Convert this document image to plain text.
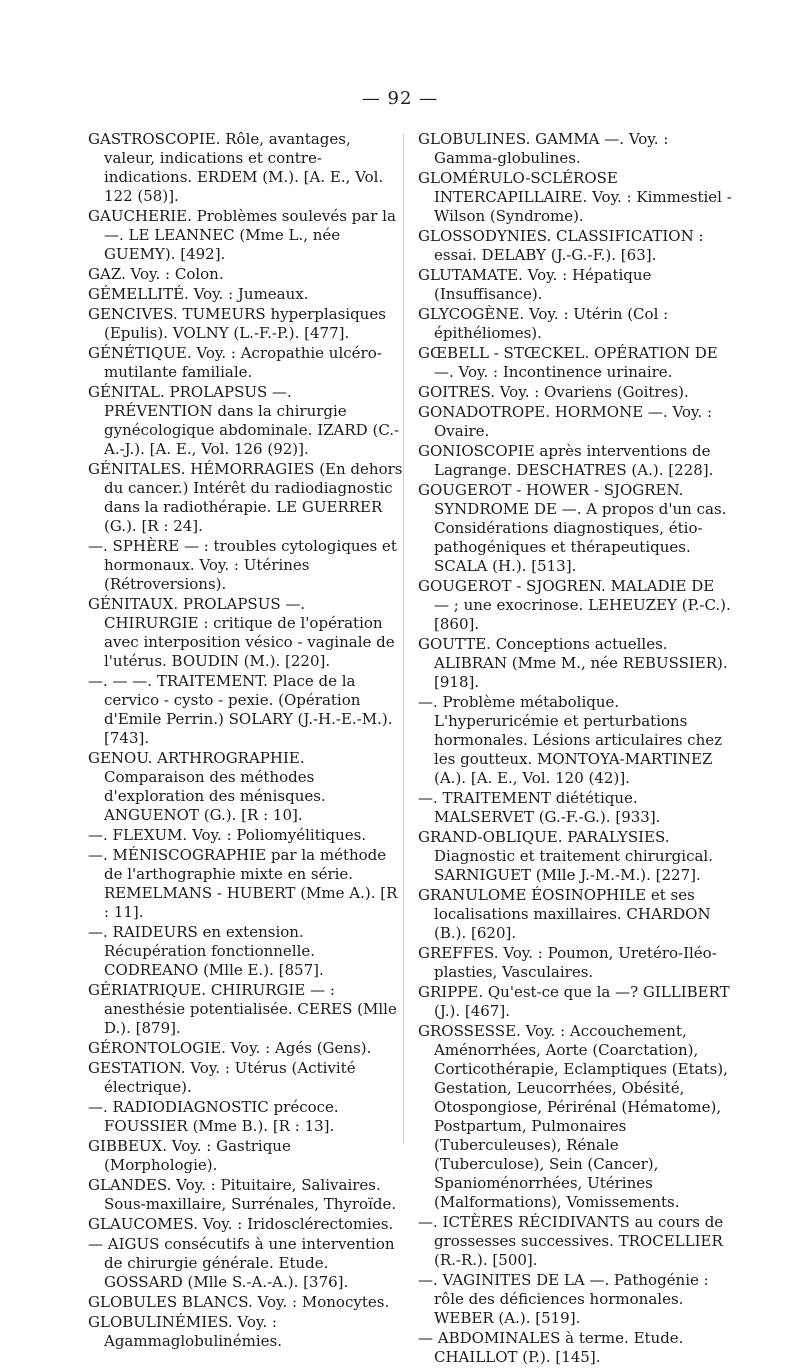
— 92 —

GASTROSCOPIE. Rôle, avantages, valeur, indications et contre-indications. ERDEM (M.). [A. E., Vol. 122 (58)].

GAUCHERIE. Problèmes soulevés par la —. LE LEANNEC (Mme L., née GUEMY). [492].

GAZ. Voy. : Colon.

GÉMELLITÉ. Voy. : Jumeaux.

GENCIVES. TUMEURS hyperplasiques (Epulis). VOLNY (L.-F.-P.). [477].

GÉNÉTIQUE. Voy. : Acropathie ulcéro-mutilante familiale.

GÉNITAL. PROLAPSUS —. PRÉVENTION dans la chirurgie gynécologique abdominale. IZARD (C.-A.-J.). [A. E., Vol. 126 (92)].

GÉNITALES. HÉMORRAGIES (En dehors du cancer.) Intérêt du radiodiagnostic dans la radiothérapie. LE GUERRER (G.). [R : 24].

—. SPHÈRE — : troubles cytologiques et hormonaux. Voy. : Utérines (Rétroversions).

GÉNITAUX. PROLAPSUS —. CHIRURGIE : critique de l'opération avec interposition vésico - vaginale de l'utérus. BOUDIN (M.). [220].

—. — —. TRAITEMENT. Place de la cervico - cysto - pexie. (Opération d'Emile Perrin.) SOLARY (J.-H.-E.-M.). [743].

GENOU. ARTHROGRAPHIE. Comparaison des méthodes d'exploration des ménisques. ANGUENOT (G.). [R : 10].

—. FLEXUM. Voy. : Poliomyélitiques.

—. MÉNISCOGRAPHIE par la méthode de l'arthographie mixte en série. REMELMANS - HUBERT (Mme A.). [R : 11].

—. RAIDEURS en extension. Récupération fonctionnelle. CODREANO (Mlle E.). [857].

GÉRIATRIQUE. CHIRURGIE — : anesthésie potentialisée. CERES (Mlle D.). [879].

GÉRONTOLOGIE. Voy. : Agés (Gens).

GESTATION. Voy. : Utérus (Activité électrique).

—. RADIODIAGNOSTIC précoce. FOUSSIER (Mme B.). [R : 13].

GIBBEUX. Voy. : Gastrique (Morphologie).

GLANDES. Voy. : Pituitaire, Salivaires. Sous-maxillaire, Surrénales, Thyroïde.

GLAUCOMES. Voy. : Iridosclérectomies.

— AIGUS consécutifs à une intervention de chirurgie générale. Etude. GOSSARD (Mlle S.-A.-A.). [376].

GLOBULES BLANCS. Voy. : Monocytes.

GLOBULINÉMIES. Voy. : Agammaglobulinémies.

GLOBULINES. GAMMA —. Voy. : Gamma-globulines.

GLOMÉRULO-SCLÉROSE INTERCAPILLAIRE. Voy. : Kimmestiel - Wilson (Syndrome).

GLOSSODYNIES. CLASSIFICATION : essai. DELABY (J.-G.-F.). [63].

GLUTAMATE. Voy. : Hépatique (Insuffisance).

GLYCOGÈNE. Voy. : Utérin (Col : épithéliomes).

GŒBELL - STŒCKEL. OPÉRATION DE —. Voy. : Incontinence urinaire.

GOITRES. Voy. : Ovariens (Goitres).

GONADOTROPE. HORMONE —. Voy. : Ovaire.

GONIOSCOPIE après interventions de Lagrange. DESCHATRES (A.). [228].

GOUGEROT - HOWER - SJOGREN. SYNDROME DE —. A propos d'un cas. Considérations diagnostiques, étio-pathogéniques et thérapeutiques. SCALA (H.). [513].

GOUGEROT - SJOGREN. MALADIE DE — ; une exocrinose. LEHEUZEY (P.-C.). [860].

GOUTTE. Conceptions actuelles. ALIBRAN (Mme M., née REBUSSIER). [918].

—. Problème métabolique. L'hyperuricémie et perturbations hormonales. Lésions articulaires chez les goutteux. MONTOYA-MARTINEZ (A.). [A. E., Vol. 120 (42)].

—. TRAITEMENT diététique. MALSERVET (G.-F.-G.). [933].

GRAND-OBLIQUE. PARALYSIES. Diagnostic et traitement chirurgical. SARNIGUET (Mlle J.-M.-M.). [227].

GRANULOME ÉOSINOPHILE et ses localisations maxillaires. CHARDON (B.). [620].

GREFFES. Voy. : Poumon, Uretéro-Iléo-plasties, Vasculaires.

GRIPPE. Qu'est-ce que la —? GILLIBERT (J.). [467].

GROSSESSE. Voy. : Accouchement, Aménorrhées, Aorte (Coarctation), Corticothérapie, Eclamptiques (Etats), Gestation, Leucorrhées, Obésité, Otospongiose, Périrénal (Hématome), Postpartum, Pulmonaires (Tuberculeuses), Rénale (Tuberculose), Sein (Cancer), Spanioménorrhées, Utérines (Malformations), Vomissements.

—. ICTÈRES RÉCIDIVANTS au cours de grossesses successives. TROCELLIER (R.-R.). [500].

—. VAGINITES DE LA —. Pathogénie : rôle des déficiences hormonales. WEBER (A.). [519].

— ABDOMINALES à terme. Etude. CHAILLOT (P.). [145].
